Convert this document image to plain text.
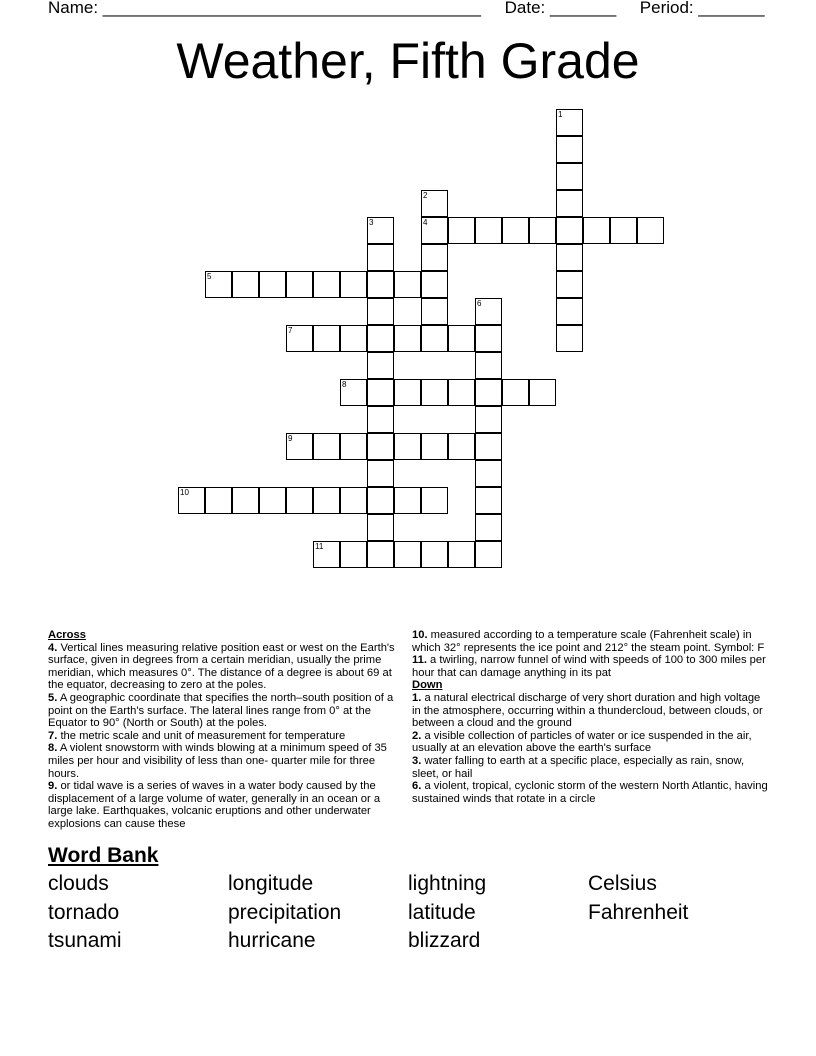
Name: ________________________________________ Date: _______ Period: _______
Weather, Fifth Grade
1
2
4
3
5
6
7
8
9
10
11
Across
4. Vertical lines measuring relative position east or west on the Earth's surface, given in degrees from a certain meridian, usually the prime meridian, which measures 0°. The distance of a degree is about 69 at the equator, decreasing to zero at the poles.
5. A geographic coordinate that specifies the north–south position of a point on the Earth's surface. The lateral lines range from 0° at the Equator to 90° (North or South) at the poles.
7. the metric scale and unit of measurement for temperature
8. A violent snowstorm with winds blowing at a minimum speed of 35 miles per hour and visibility of less than one- quarter mile for three hours.
9. or tidal wave is a series of waves in a water body caused by the displacement of a large volume of water, generally in an ocean or a large lake. Earthquakes, volcanic eruptions and other underwater explosions can cause these
10. measured according to a temperature scale (Fahrenheit scale) in which 32° represents the ice point and 212° the steam point. Symbol: F
11. a twirling, narrow funnel of wind with speeds of 100 to 300 miles per hour that can damage anything in its pat
Down
1. a natural electrical discharge of very short duration and high voltage in the atmosphere, occurring within a thundercloud, between clouds, or between a cloud and the ground
2. a visible collection of particles of water or ice suspended in the air, usually at an elevation above the earth's surface
3. water falling to earth at a specific place, especially as rain, snow, sleet, or hail
6. a violent, tropical, cyclonic storm of the western North Atlantic, having sustained winds that rotate in a circle
Word Bank
clouds	longitude	lightning	Celsius
tornado	precipitation	latitude	Fahrenheit
tsunami	hurricane	blizzard
